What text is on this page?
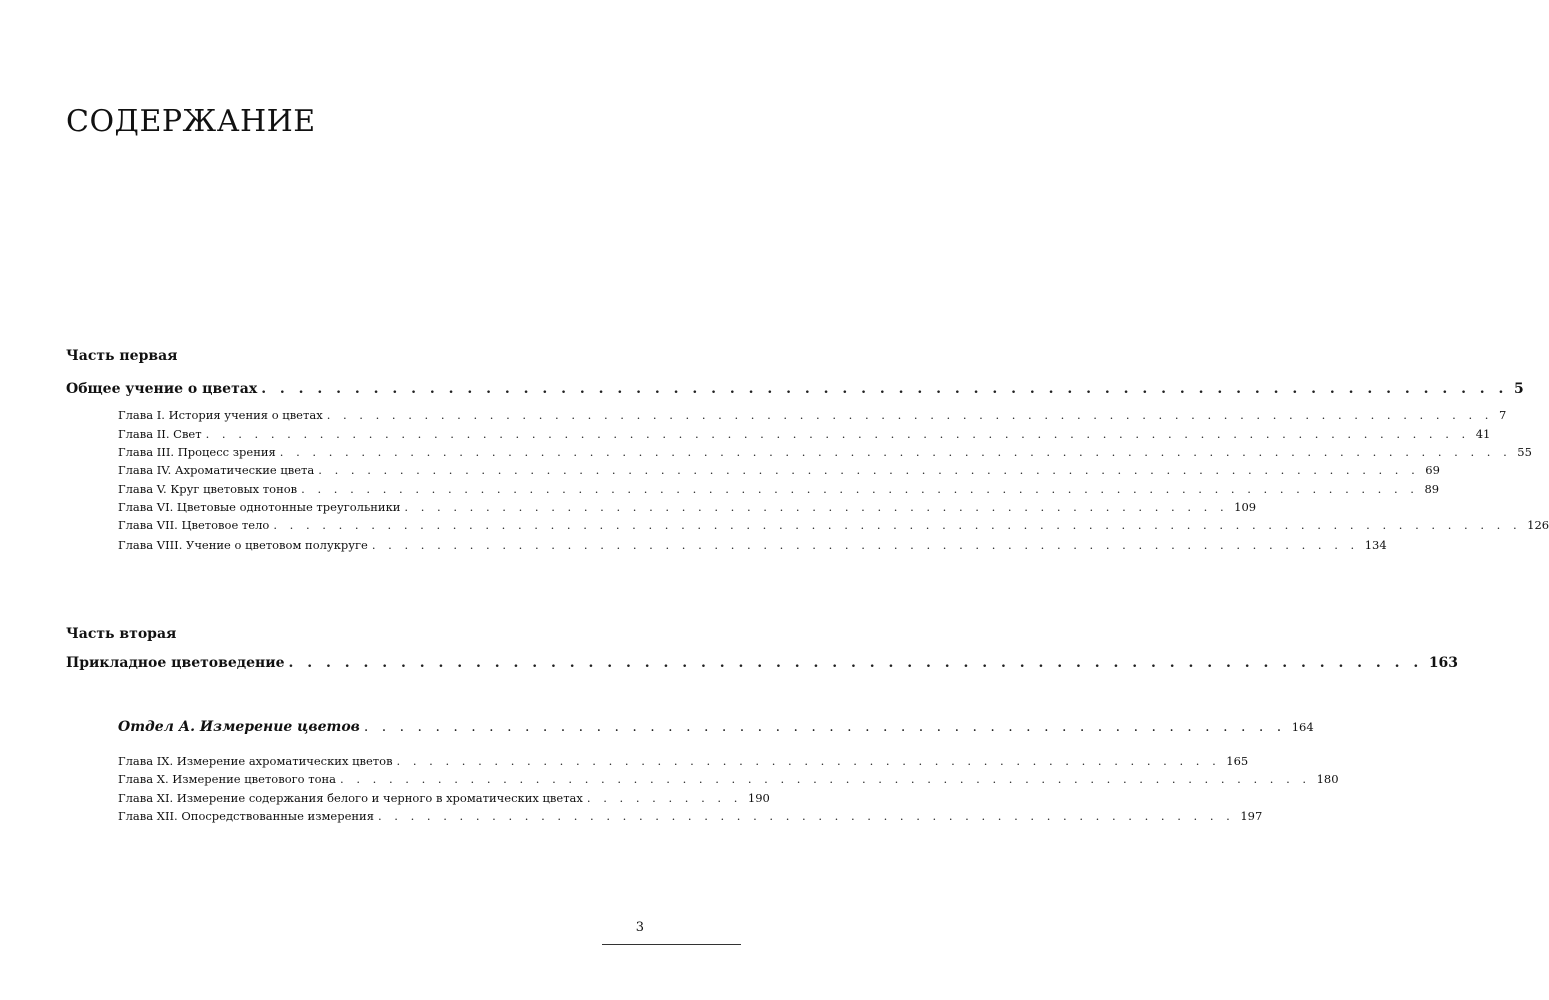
СОДЕРЖАНИЕ
Часть первая
Общее учение о цветах . . . . . . . . . . . . . . . . . . . . . . . . . . . . . . . . . . . . . . . . . . . . . . . . . . . . . . . . . . . . . . . . . . . 5
Глава I. История учения о цветах . . . . . . . . . . . . . . . . . . . . . . . . . . . . . . . . . . . . . . . . . . . . . . . . . . . . . . . . . . . . . . . . . . . . . . . . 7
Глава II. Свет . . . . . . . . . . . . . . . . . . . . . . . . . . . . . . . . . . . . . . . . . . . . . . . . . . . . . . . . . . . . . . . . . . . . . . . . . . . . . . 41
Глава III. Процесс зрения . . . . . . . . . . . . . . . . . . . . . . . . . . . . . . . . . . . . . . . . . . . . . . . . . . . . . . . . . . . . . . . . . . . . . . . . . . . . 55
Глава IV. Ахроматические цвета . . . . . . . . . . . . . . . . . . . . . . . . . . . . . . . . . . . . . . . . . . . . . . . . . . . . . . . . . . . . . . . . . . . . 69
Глава V. Круг цветовых тонов . . . . . . . . . . . . . . . . . . . . . . . . . . . . . . . . . . . . . . . . . . . . . . . . . . . . . . . . . . . . . . . . . . . . . 89
Глава VI. Цветовые однотонные треугольники . . . . . . . . . . . . . . . . . . . . . . . . . . . . . . . . . . . . . . . . . . . . . . . . . . . 109
Глава VII. Цветовое тело . . . . . . . . . . . . . . . . . . . . . . . . . . . . . . . . . . . . . . . . . . . . . . . . . . . . . . . . . . . . . . . . . . . . . . . . . . . . . 126
Глава VIII. Учение о цветовом полукруге . . . . . . . . . . . . . . . . . . . . . . . . . . . . . . . . . . . . . . . . . . . . . . . . . . . . . . . . . . . . . 134
Часть вторая
Прикладное цветоведение . . . . . . . . . . . . . . . . . . . . . . . . . . . . . . . . . . . . . . . . . . . . . . . . . . . . . . . . . . . . . 163
Отдел А. Измерение цветов . . . . . . . . . . . . . . . . . . . . . . . . . . . . . . . . . . . . . . . . . . . . . . . . . . . . 164
Глава IX. Измерение ахроматических цветов . . . . . . . . . . . . . . . . . . . . . . . . . . . . . . . . . . . . . . . . . . . . . . . . . . . 165
Глава X. Измерение цветового тона . . . . . . . . . . . . . . . . . . . . . . . . . . . . . . . . . . . . . . . . . . . . . . . . . . . . . . . . . . . . 180
Глава XI. Измерение содержания белого и черного в хроматических цветах . . . . . . . . . . 190
Глава XII. Опосредствованные измерения . . . . . . . . . . . . . . . . . . . . . . . . . . . . . . . . . . . . . . . . . . . . . . . . . . . . . 197
3
